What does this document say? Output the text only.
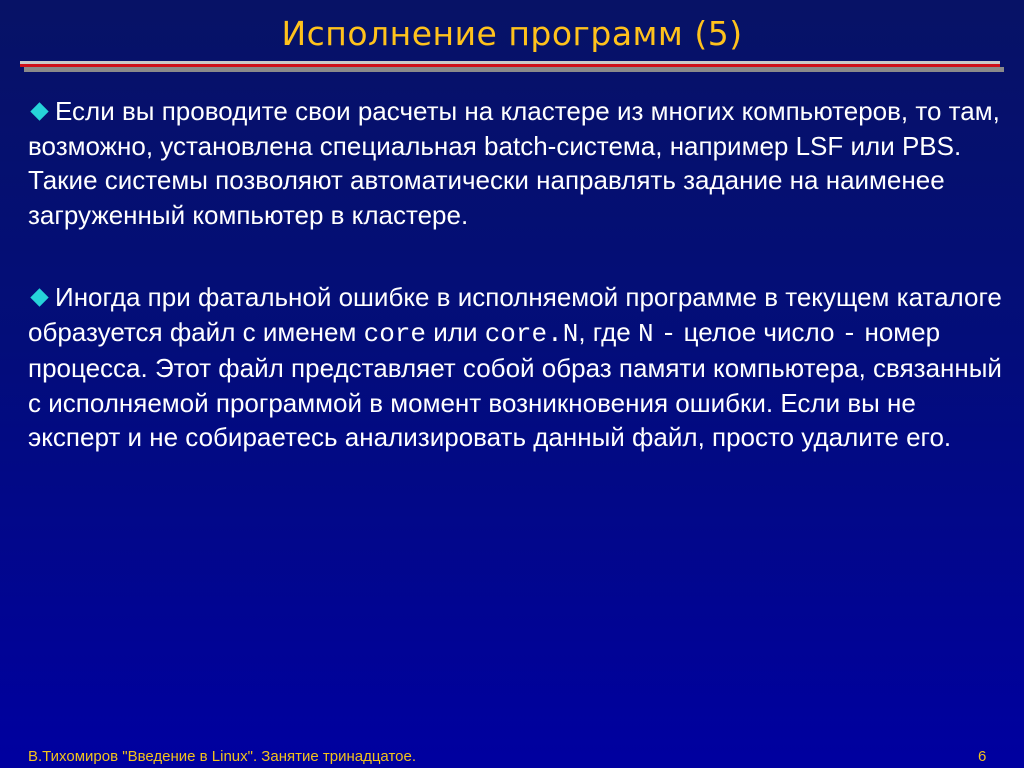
Исполнение программ (5)

Если вы проводите свои расчеты на кластере из многих компьютеров, то там, возможно, установлена специальная batch-система, например LSF или PBS. Такие системы позволяют автоматически направлять задание на наименее загруженный компьютер в кластере.

Иногда при фатальной ошибке в исполняемой программе в текущем каталоге образуется файл с именем core или core.N, где N - целое число - номер процесса. Этот файл представляет собой образ памяти компьютера, связанный с исполняемой программой в момент возникновения ошибки. Если вы не эксперт и не собираетесь анализировать данный файл, просто удалите его.

В.Тихомиров "Введение в Linux". Занятие тринадцатое.	6
